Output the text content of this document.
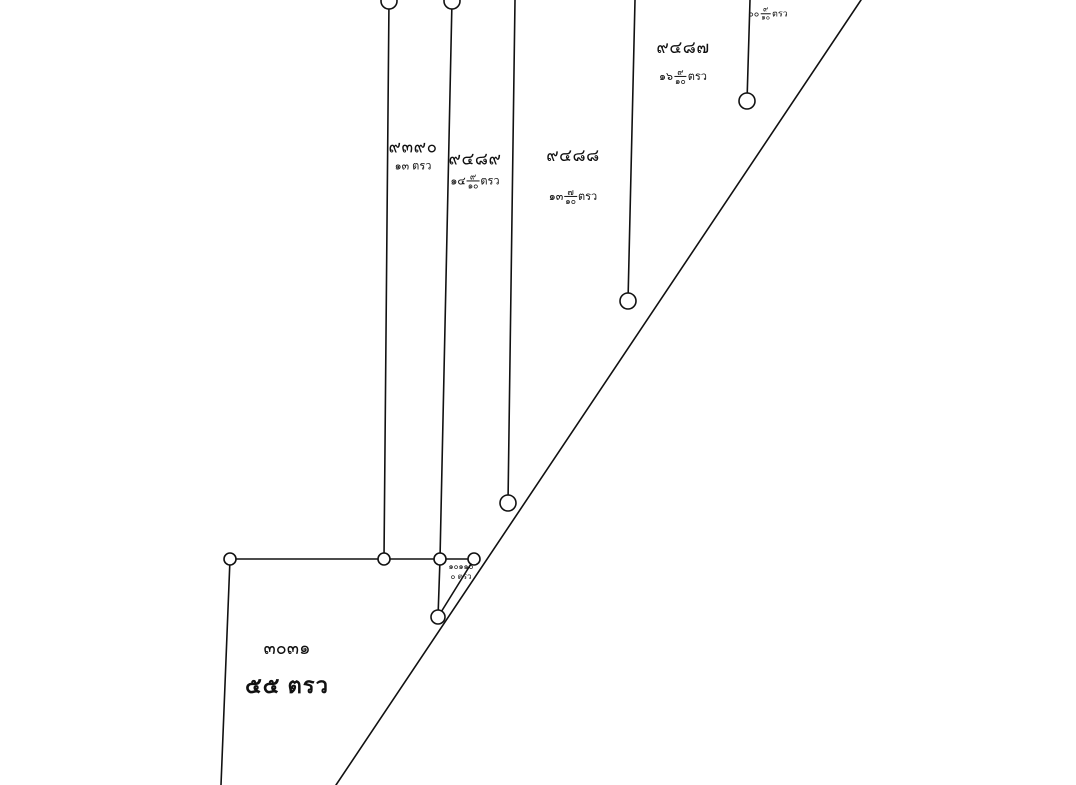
๙๓๙๐
๑๓ ตรว	๙๔๘๙
๑๔ $\frac{๙}{๑๐}$ ตรว
๙๔๘๘
๑๓ $\frac{๗}{๑๐}$ ตรว
๙๔๘๗
๑๖ $\frac{๙}{๑๐}$ ตรว
๐๐ $\frac{๙}{๑๐}$ ตรว
๑๐๑๑๐
๐ ตรว
๓๐๓๑
๕๕ ตรว
